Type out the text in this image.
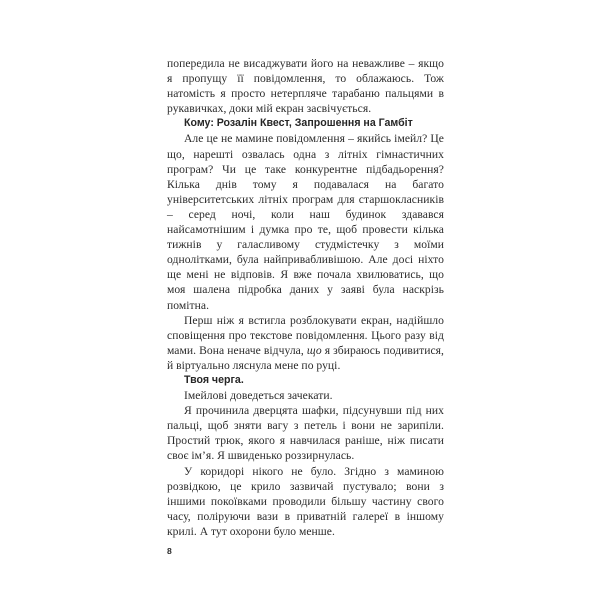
попередила не висаджувати його на неважливе – якщо я пропущу її повідомлення, то облажаюсь. Тож натомість я просто нетерпляче тарабаню пальцями в рукавичках, доки мій екран засвічується.

Кому: Розалін Квест, Запрошення на Гамбіт

Але це не мамине повідомлення – якийсь імейл? Це що, нарешті озвалась одна з літніх гімнастичних програм? Чи це таке конкурентне підбадьорення? Кілька днів тому я подавалася на багато університетських літніх програм для старшокласників – серед ночі, коли наш будинок здавався найсамотнішим і думка про те, щоб провести кілька тижнів у галасливому студмістечку з моїми однолітками, була найпривабливішою. Але досі ніхто ще мені не відповів. Я вже почала хвилюватись, що моя шалена підробка даних у заяві була наскрізь помітна.

Перш ніж я встигла розблокувати екран, надійшло сповіщення про текстове повідомлення. Цього разу від мами. Вона неначе відчула, що я збираюсь подивитися, й віртуально ляснула мене по руці.

Твоя черга.

Імейлові доведеться зачекати.

Я прочинила дверцята шафки, підсунувши під них пальці, щоб зняти вагу з петель і вони не зарипіли. Простий трюк, якого я навчилася раніше, ніж писати своє ім’я. Я швиденько роззирнулась.

У коридорі нікого не було. Згідно з маминою розвідкою, це крило зазвичай пустувало; вони з іншими покоївками проводили більшу частину свого часу, поліруючи вази в приватній галереї в іншому крилі. А тут охорони було менше.

8
